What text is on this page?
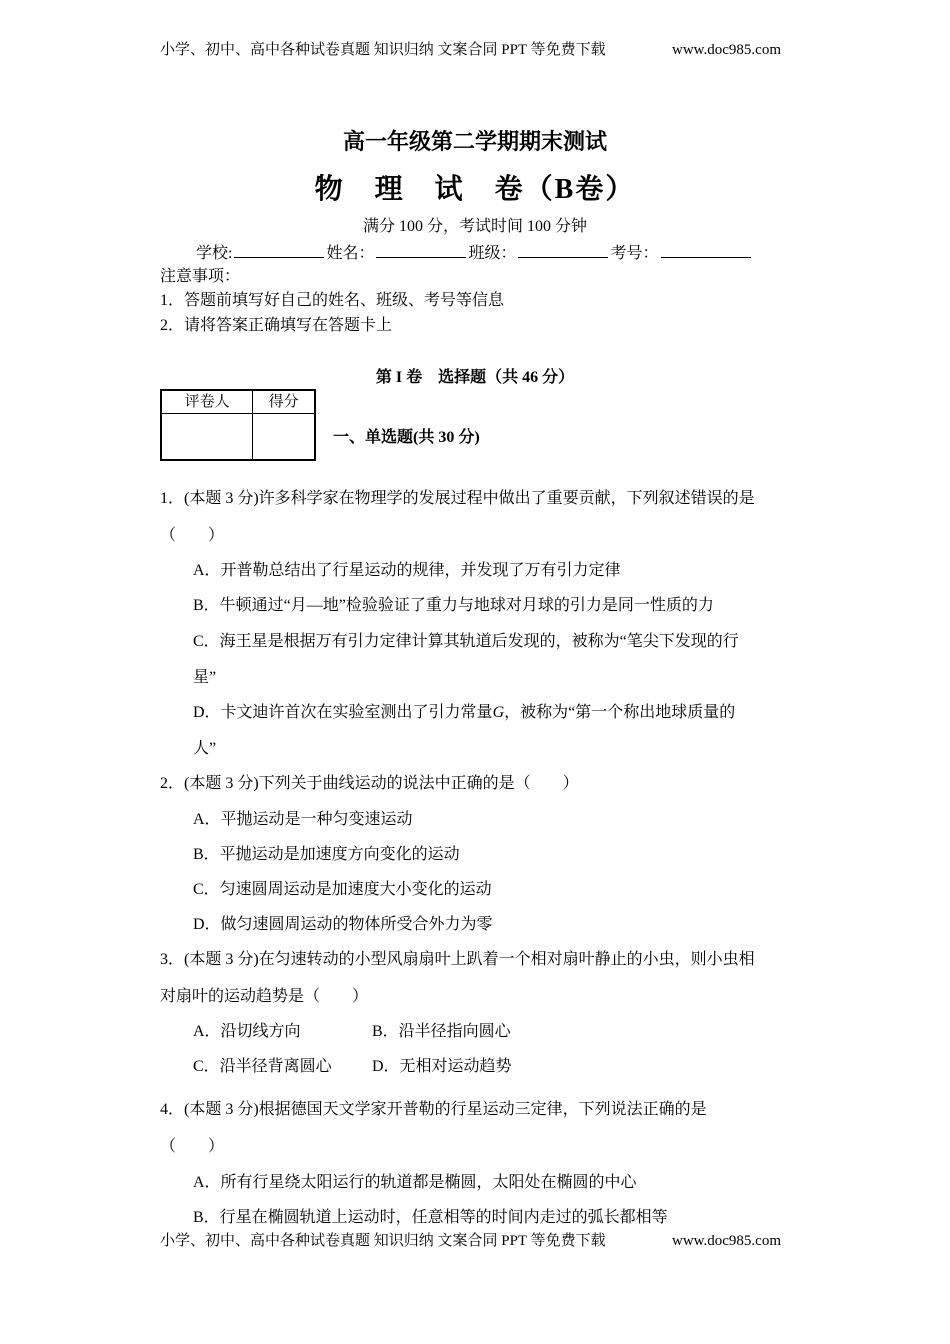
小学、初中、高中各种试卷真题 知识归纳 文案合同 PPT 等免费下载	www.doc985.com
高一年级第二学期期末测试
物　理　试　卷（B卷）
满分 100 分，考试时间 100 分钟
学校:	姓名：	班级：	考号：
注意事项：
1．答题前填写好自己的姓名、班级、考号等信息
2．请将答案正确填写在答题卡上
第 I 卷　选择题（共 46 分）
评卷人	得分

一、单选题(共 30 分)
1．(本题 3 分)许多科学家在物理学的发展过程中做出了重要贡献，下列叙述错误的是
（　　）
A．开普勒总结出了行星运动的规律，并发现了万有引力定律
B．牛顿通过“月—地”检验验证了重力与地球对月球的引力是同一性质的力
C．海王星是根据万有引力定律计算其轨道后发现的，被称为“笔尖下发现的行
星”
D．卡文迪许首次在实验室测出了引力常量G，被称为“第一个称出地球质量的
人”
2．(本题 3 分)下列关于曲线运动的说法中正确的是（　　）
A．平抛运动是一种匀变速运动
B．平抛运动是加速度方向变化的运动
C．匀速圆周运动是加速度大小变化的运动
D．做匀速圆周运动的物体所受合外力为零
3．(本题 3 分)在匀速转动的小型风扇扇叶上趴着一个相对扇叶静止的小虫，则小虫相
对扇叶的运动趋势是（　　）
A．沿切线方向	B．沿半径指向圆心
C．沿半径背离圆心	D．无相对运动趋势
4．(本题 3 分)根据德国天文学家开普勒的行星运动三定律，下列说法正确的是
（　　）
A．所有行星绕太阳运行的轨道都是椭圆，太阳处在椭圆的中心
B．行星在椭圆轨道上运动时，任意相等的时间内走过的弧长都相等
小学、初中、高中各种试卷真题 知识归纳 文案合同 PPT 等免费下载	www.doc985.com
